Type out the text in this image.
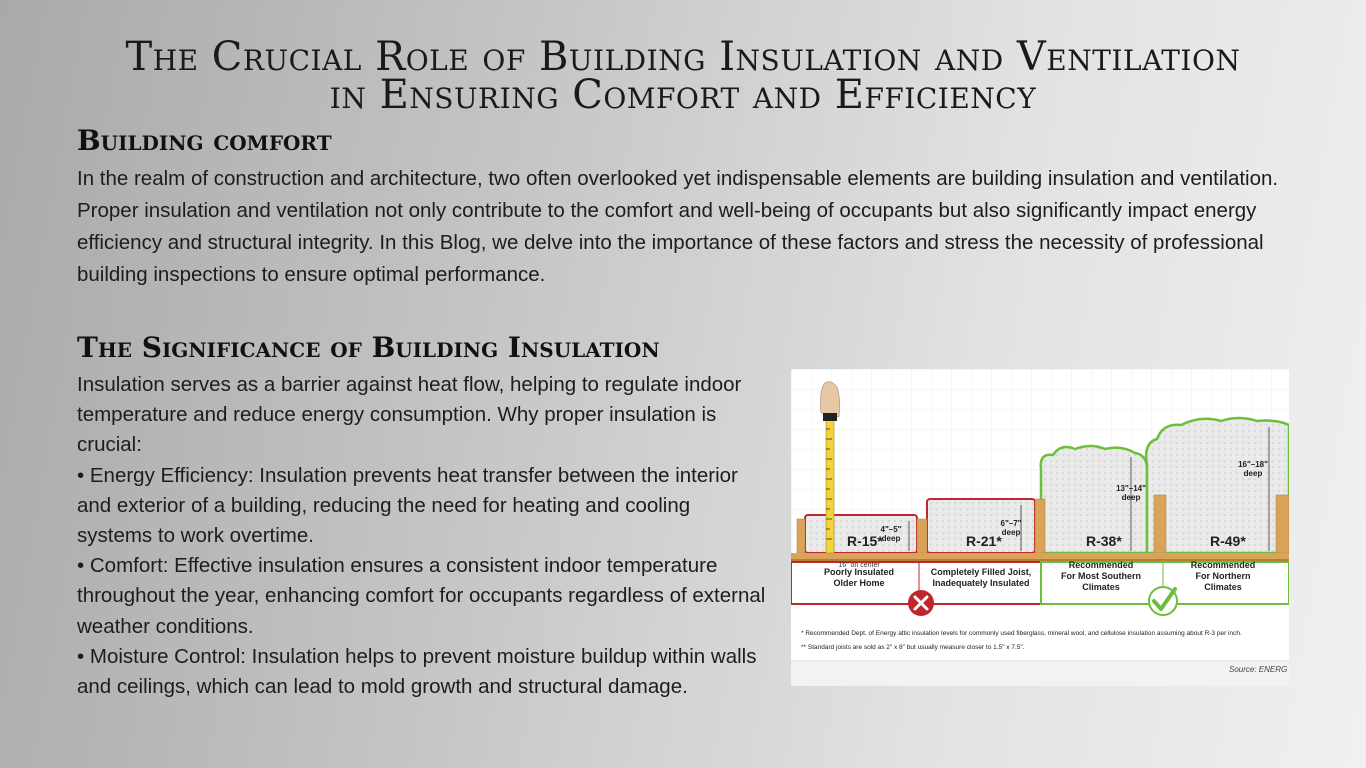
The Crucial Role of Building Insulation and Ventilation
in Ensuring Comfort and Efficiency
Building comfort
In the realm of construction and architecture, two often overlooked yet indispensable elements are building insulation and ventilation. Proper insulation and ventilation not only contribute to the comfort and well-being of occupants but also significantly impact energy efficiency and structural integrity. In this Blog, we delve into the importance of these factors and stress the necessity of professional building inspections to ensure optimal performance.
The Significance of Building Insulation
Insulation serves as a barrier against heat flow, helping to regulate indoor temperature and reduce energy consumption. Why proper insulation is crucial:
• Energy Efficiency: Insulation prevents heat transfer between the interior and exterior of a building, reducing the need for heating and cooling systems to work overtime.
• Comfort: Effective insulation ensures a consistent indoor temperature throughout the year, enhancing comfort for occupants regardless of external weather conditions.
• Moisture Control: Insulation helps to prevent moisture buildup within walls and ceilings, which can lead to mold growth and structural damage.
R-15*	R-21*	R-38*	R-49*
4"–5"
deep
6"–7"
deep
13"–14"
deep
16"–18"
deep
16" on center
Poorly Insulated
Older Home
Completely Filled Joist,
Inadequately Insulated
Recommended
For Most Southern
Climates
Recommended
For Northern
Climates
* Recommended Dept. of Energy attic insulation levels for commonly used fiberglass, mineral wool, and cellulose insulation assuming about R-3 per inch.
** Standard joists are sold as 2" x 8" but usually measure closer to 1.5" x 7.5".
Source: ENERG
